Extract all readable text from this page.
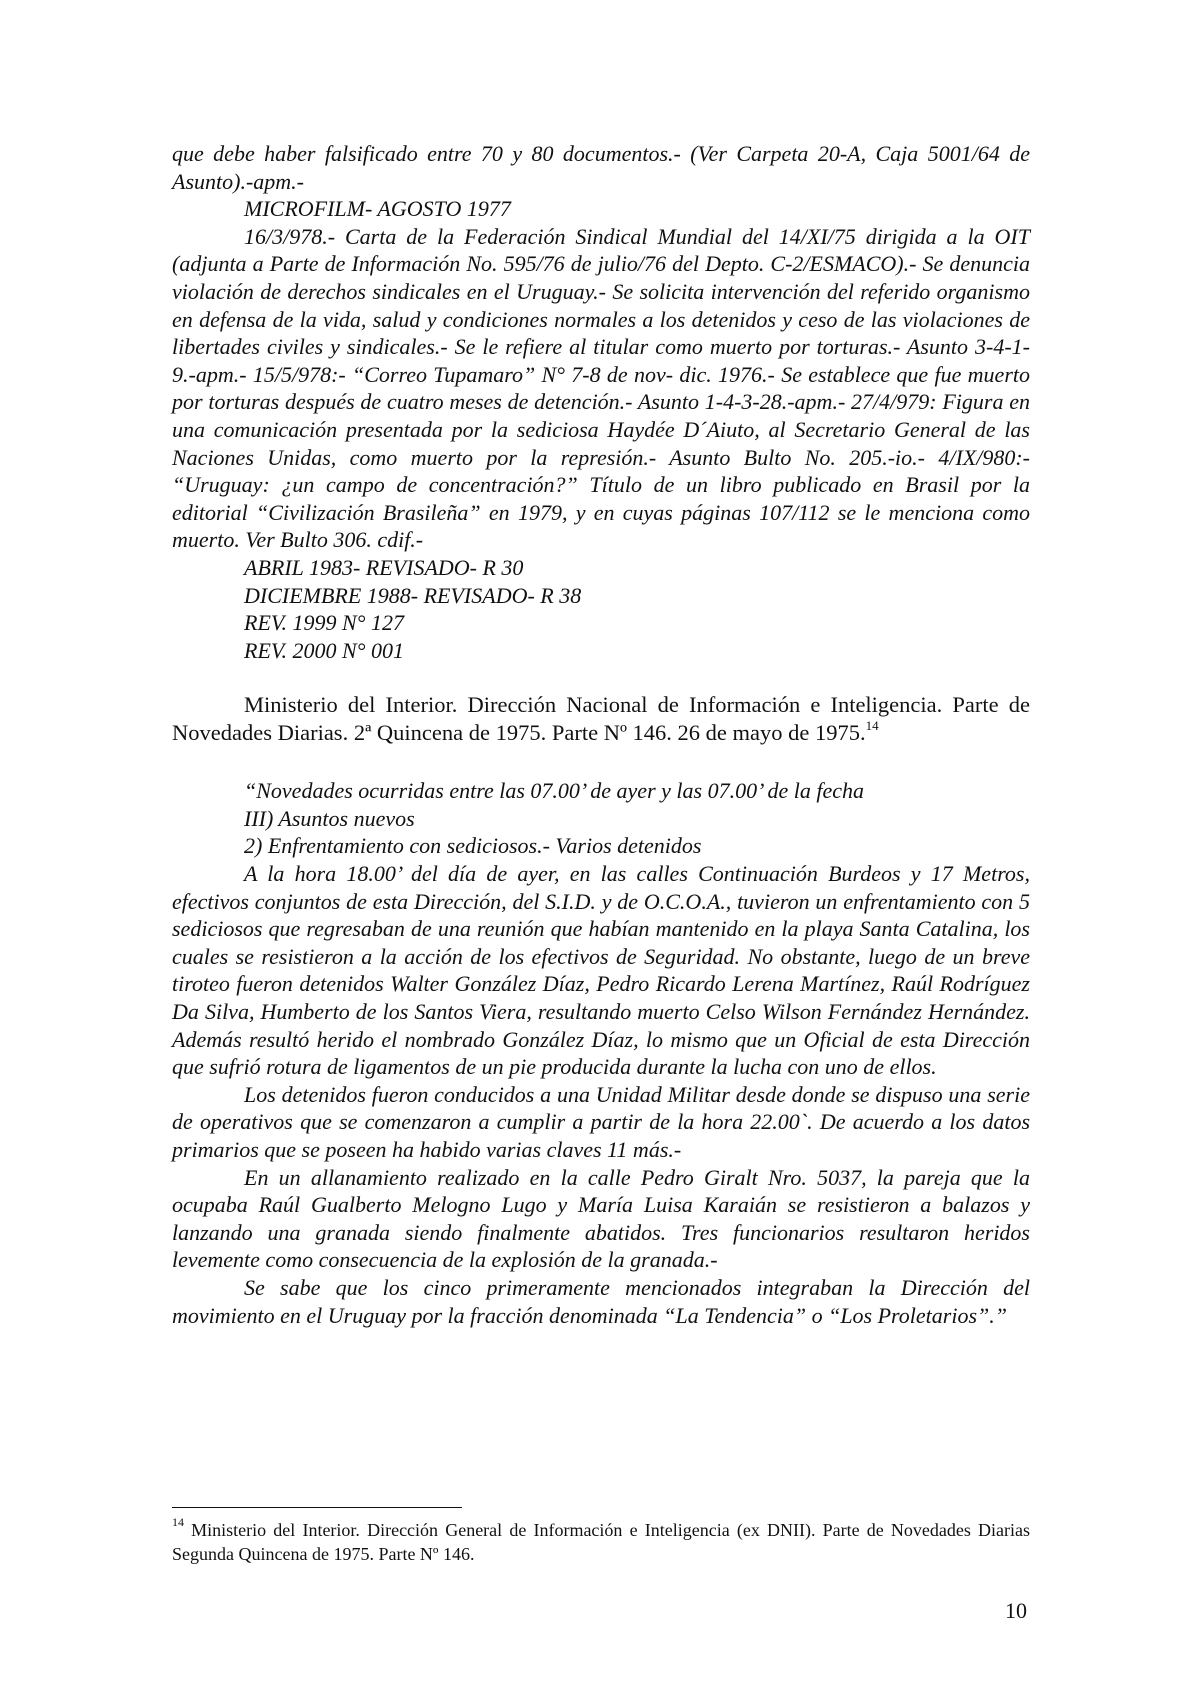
que debe haber falsificado entre 70 y 80 documentos.- (Ver Carpeta 20-A, Caja 5001/64 de Asunto).-apm.-

MICROFILM- AGOSTO 1977

16/3/978.- Carta de la Federación Sindical Mundial del 14/XI/75 dirigida a la OIT (adjunta a Parte de Información No. 595/76 de julio/76 del Depto. C-2/ESMACO).- Se denuncia violación de derechos sindicales en el Uruguay.- Se solicita intervención del referido organismo en defensa de la vida, salud y condiciones normales a los detenidos y ceso de las violaciones de libertades civiles y sindicales.- Se le refiere al titular como muerto por torturas.- Asunto 3-4-1-9.-apm.- 15/5/978:- “Correo Tupamaro” N° 7-8 de nov- dic. 1976.- Se establece que fue muerto por torturas después de cuatro meses de detención.- Asunto 1-4-3-28.-apm.- 27/4/979: Figura en una comunicación presentada por la sediciosa Haydée D´Aiuto, al Secretario General de las Naciones Unidas, como muerto por la represión.- Asunto Bulto No. 205.-io.- 4/IX/980:- “Uruguay: ¿un campo de concentración?” Título de un libro publicado en Brasil por la editorial “Civilización Brasileña” en 1979, y en cuyas páginas 107/112 se le menciona como muerto. Ver Bulto 306. cdif.-

ABRIL 1983- REVISADO- R 30
DICIEMBRE 1988- REVISADO- R 38
REV. 1999 N° 127
REV. 2000 N° 001

Ministerio del Interior. Dirección Nacional de Información e Inteligencia. Parte de Novedades Diarias. 2ª Quincena de 1975. Parte Nº 146. 26 de mayo de 1975.14

“Novedades ocurridas entre las 07.00’ de ayer y las 07.00’ de la fecha
III) Asuntos nuevos
2) Enfrentamiento con sediciosos.- Varios detenidos

A la hora 18.00’ del día de ayer, en las calles Continuación Burdeos y 17 Metros, efectivos conjuntos de esta Dirección, del S.I.D. y de O.C.O.A., tuvieron un enfrentamiento con 5 sediciosos que regresaban de una reunión que habían mantenido en la playa Santa Catalina, los cuales se resistieron a la acción de los efectivos de Seguridad. No obstante, luego de un breve tiroteo fueron detenidos Walter González Díaz, Pedro Ricardo Lerena Martínez, Raúl Rodríguez Da Silva, Humberto de los Santos Viera, resultando muerto Celso Wilson Fernández Hernández. Además resultó herido el nombrado González Díaz, lo mismo que un Oficial de esta Dirección que sufrió rotura de ligamentos de un pie producida durante la lucha con uno de ellos.

Los detenidos fueron conducidos a una Unidad Militar desde donde se dispuso una serie de operativos que se comenzaron a cumplir a partir de la hora 22.00`. De acuerdo a los datos primarios que se poseen ha habido varias claves 11 más.-

En un allanamiento realizado en la calle Pedro Giralt Nro. 5037, la pareja que la ocupaba Raúl Gualberto Melogno Lugo y María Luisa Karaián se resistieron a balazos y lanzando una granada siendo finalmente abatidos. Tres funcionarios resultaron heridos levemente como consecuencia de la explosión de la granada.-

Se sabe que los cinco primeramente mencionados integraban la Dirección del movimiento en el Uruguay por la fracción denominada “La Tendencia” o “Los Proletarios”.”

$^{14}$ Ministerio del Interior. Dirección General de Información e Inteligencia (ex DNII). Parte de Novedades Diarias Segunda Quincena de 1975. Parte Nº 146.
10
